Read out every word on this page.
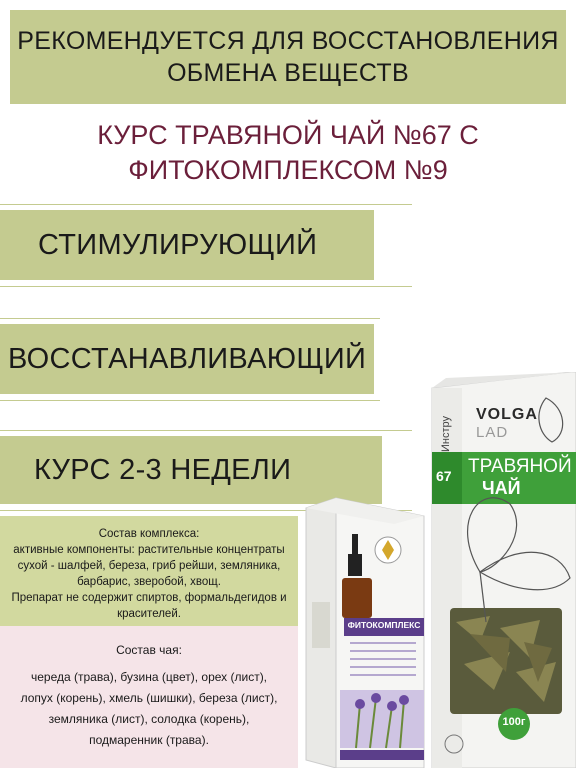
РЕКОМЕНДУЕТСЯ ДЛЯ ВОССТАНОВЛЕНИЯ
ОБМЕНА ВЕЩЕСТВ
КУРС ТРАВЯНОЙ ЧАЙ №67 С
ФИТОКОМПЛЕКСОМ №9
СТИМУЛИРУЮЩИЙ
ВОССТАНАВЛИВАЮЩИЙ
КУРС 2-3 НЕДЕЛИ
Состав комплекса:
активные компоненты: растительные концентраты
сухой - шалфей, береза, гриб рейши, земляника,
барбарис, зверобой, хвощ.
Препарат не содержит спиртов, формальдегидов и
красителей.
Состав чая:
череда (трава), бузина (цвет), орех (лист),
лопух (корень), хмель (шишки), береза (лист),
земляника (лист), солодка (корень),
подмаренник (трава).
Инстру
VOLGA
LAD
67 ТРАВЯНОЙ
ЧАЙ
100г
ФИТОКОМПЛЕКС
